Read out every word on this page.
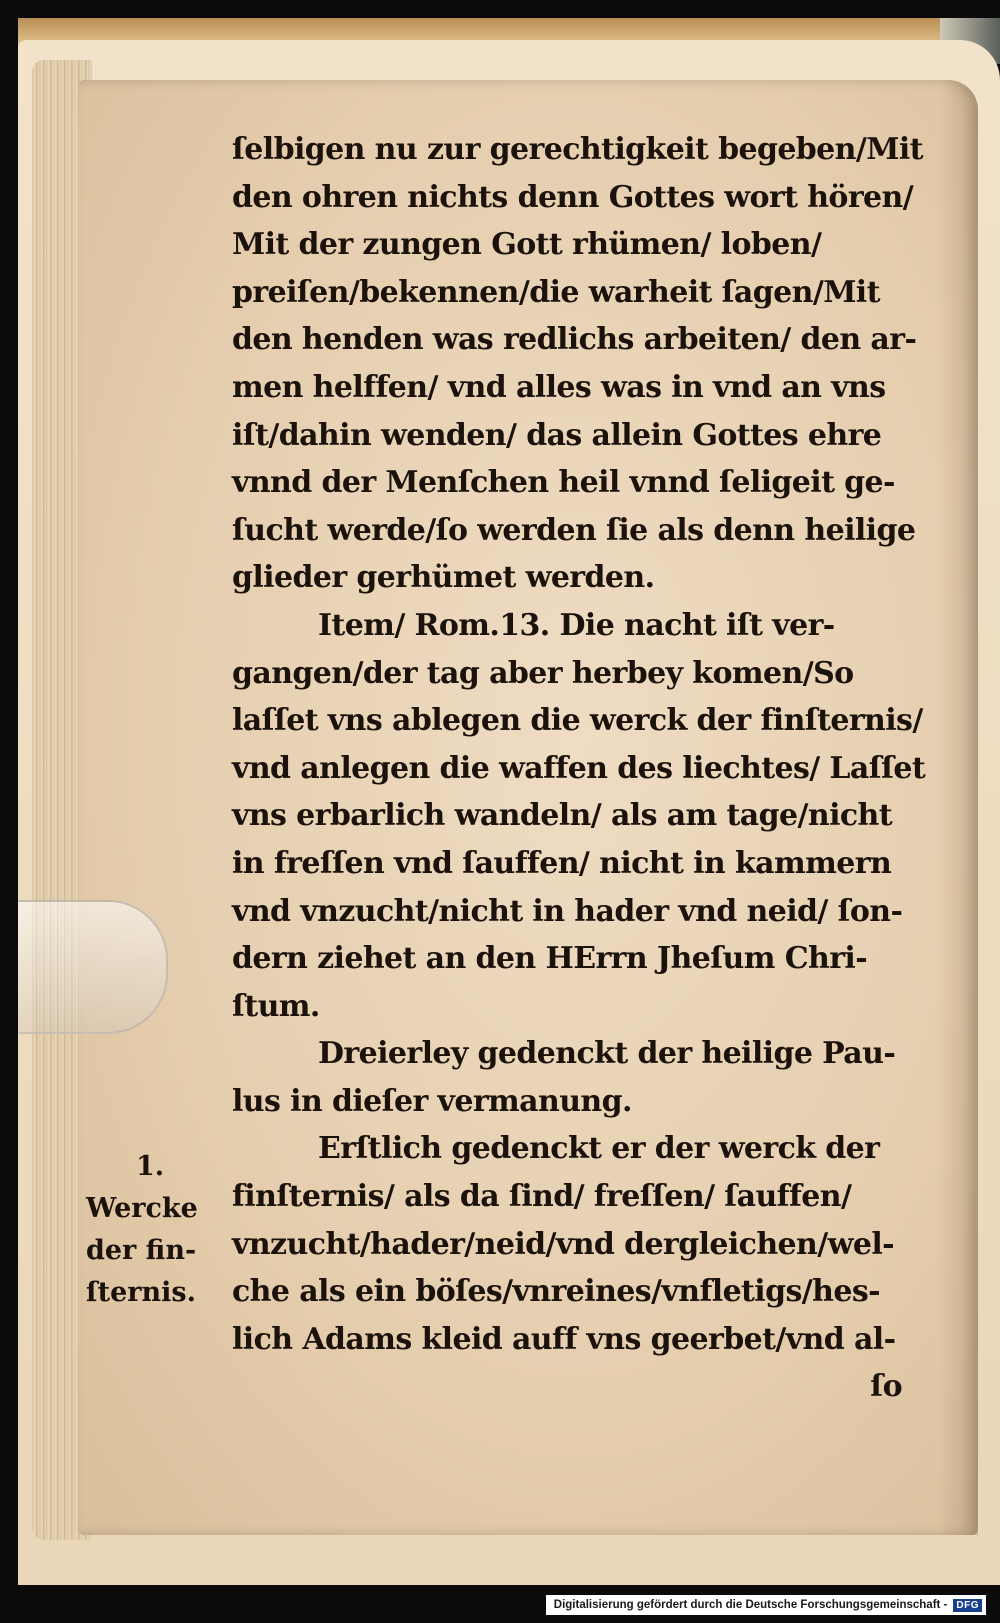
ſelbigen nu zur gerechtigkeit begeben/Mit
den ohren nichts denn Gottes wort hören/
Mit der zungen Gott rhümen/ loben/
preiſen/bekennen/die warheit ſagen/Mit
den henden was redlichs arbeiten/ den ar-
men helffen/ vnd alles was in vnd an vns
iſt/dahin wenden/ das allein Gottes ehre
vnnd der Menſchen heil vnnd ſeligeit ge-
ſucht werde/ſo werden ſie als denn heilige
glieder gerhümet werden.
Item/ Rom.13. Die nacht iſt ver-
gangen/der tag aber herbey komen/So
laſſet vns ablegen die werck der finſternis/
vnd anlegen die waffen des liechtes/ Laſſet
vns erbarlich wandeln/ als am tage/nicht
in freſſen vnd ſauffen/ nicht in kammern
vnd vnzucht/nicht in hader vnd neid/ ſon-
dern ziehet an den HErrn Jheſum Chri-
ſtum.
Dreierley gedenckt der heilige Pau-
lus in dieſer vermanung.
Erſtlich gedenckt er der werck der
finſternis/ als da ſind/ freſſen/ ſauffen/
vnzucht/hader/neid/vnd dergleichen/wel-
che als ein böſes/vnreines/vnfletigs/hes-
lich Adams kleid auff vns geerbet/vnd al-
ſo
1.
Wercke
der fin-
ſternis.
Digitalisierung gefördert durch die Deutsche Forschungsgemeinschaft - DFG
